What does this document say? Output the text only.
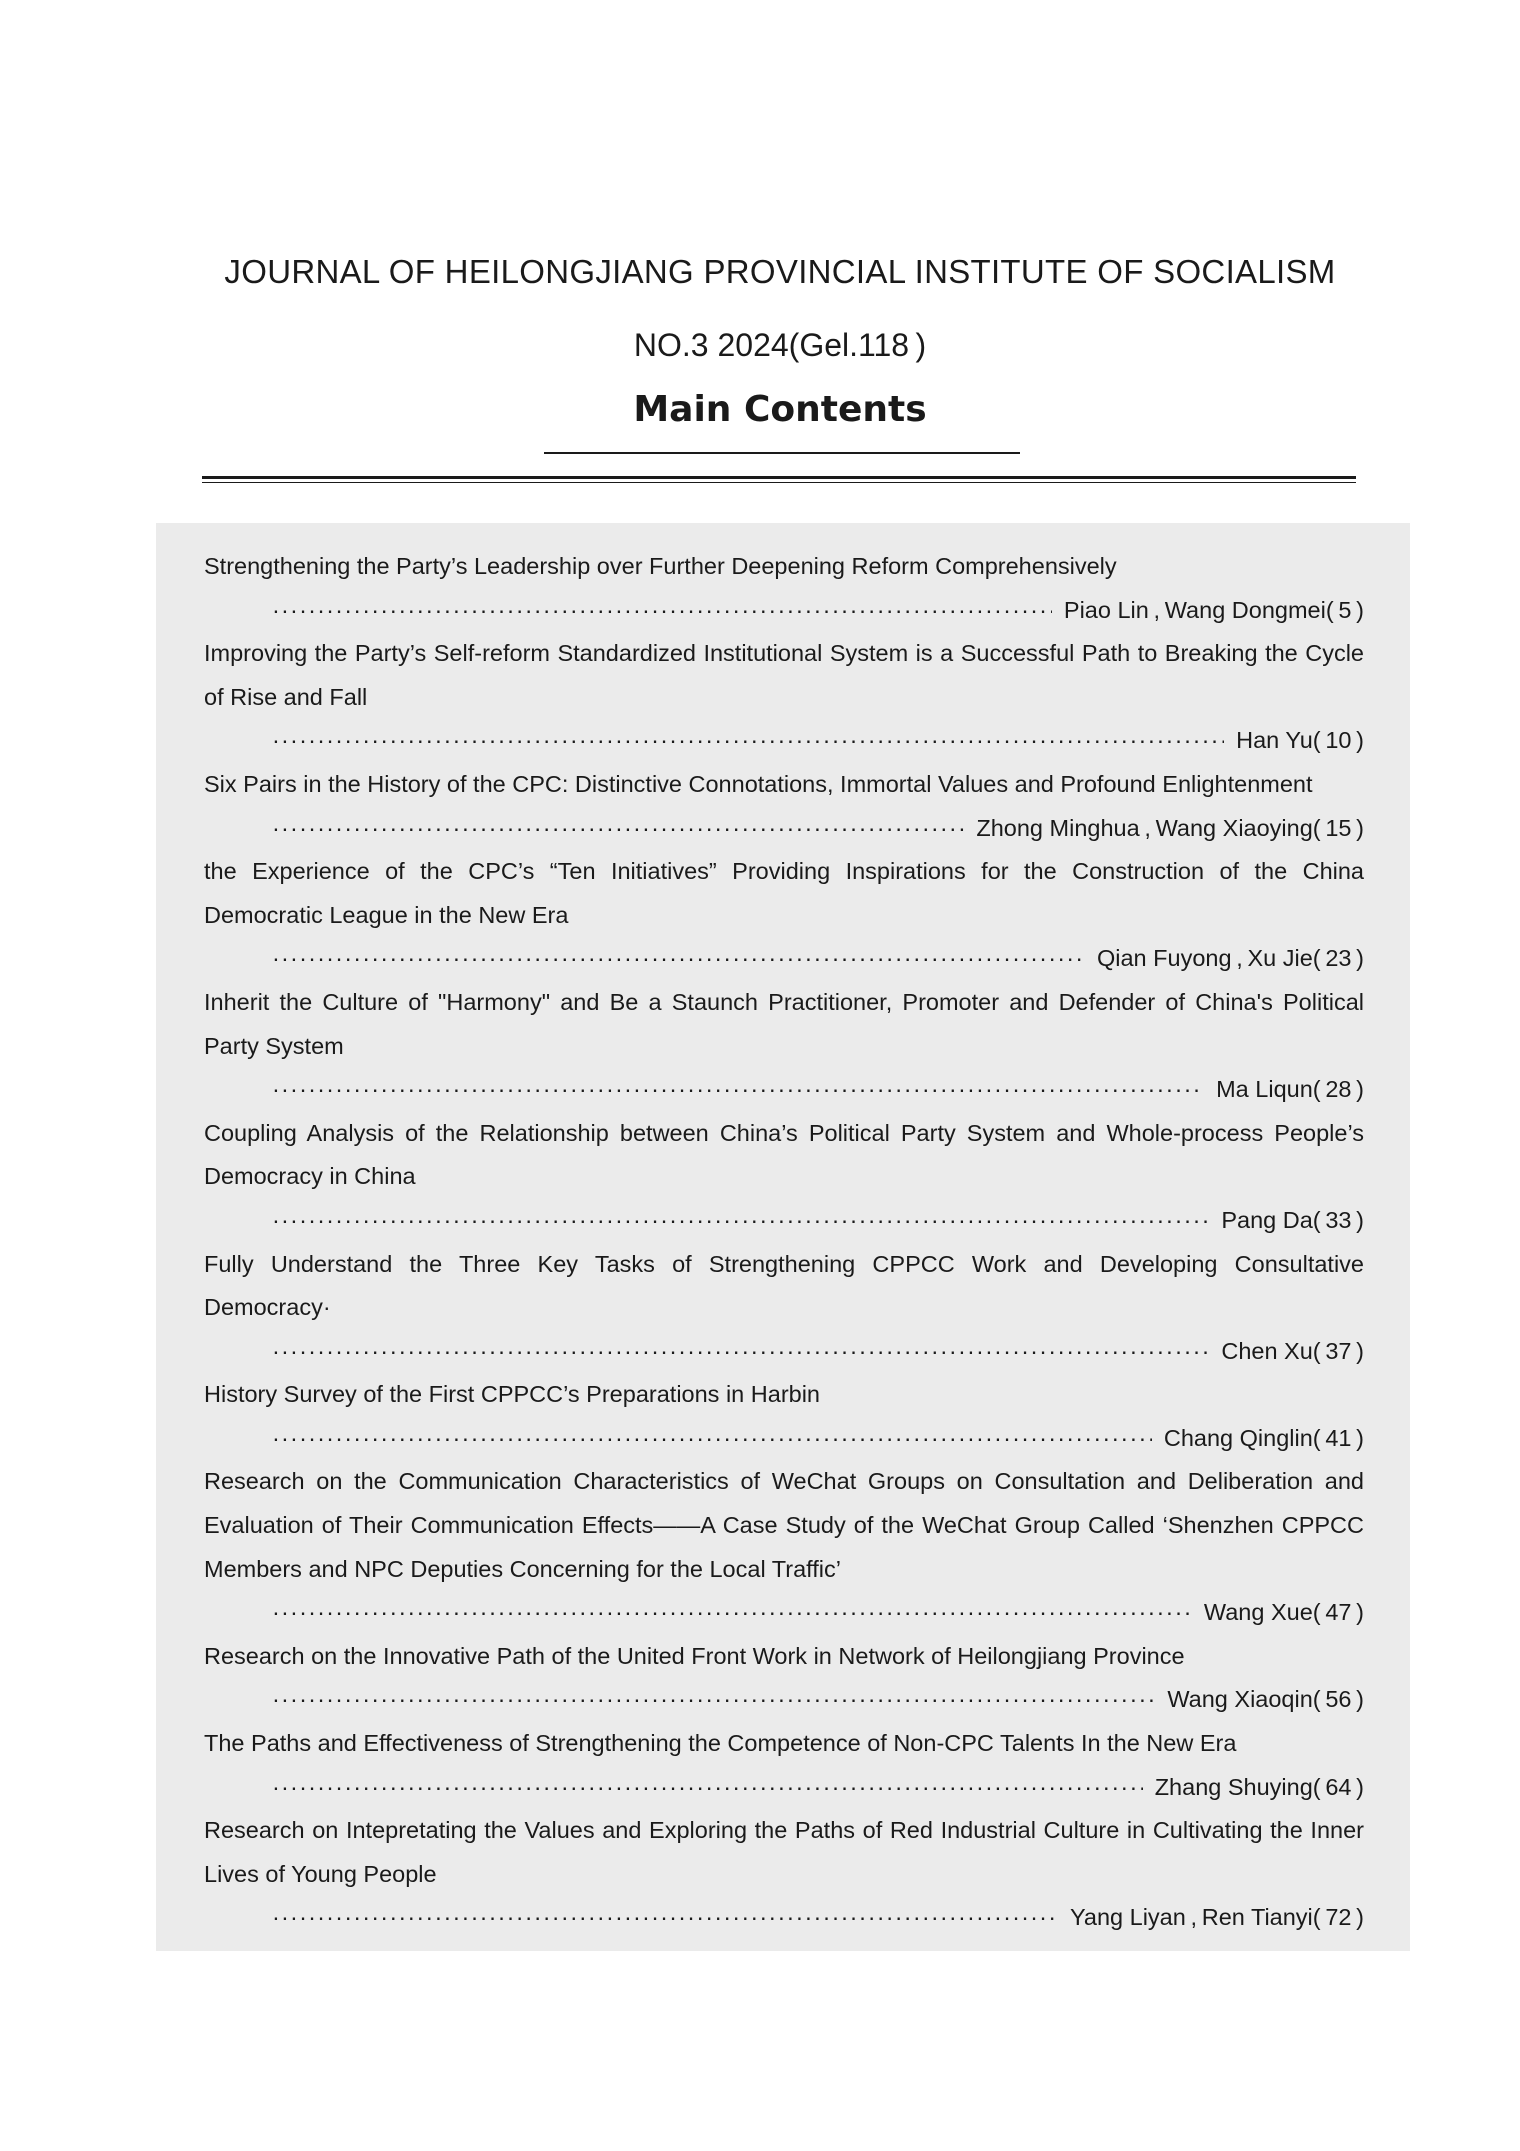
JOURNAL OF HEILONGJIANG PROVINCIAL INSTITUTE OF SOCIALISM
NO.3 2024(Gel.118 )
Main Contents
Strengthening the Party’s Leadership over Further Deepening Reform Comprehensively
·····
Piao Lin , Wang Dongmei ( 5 )
Improving the Party’s Self-reform Standardized Institutional System is a Successful Path to Breaking the Cycle of Rise and Fall
·····
Han Yu ( 10 )
Six Pairs in the History of the CPC: Distinctive Connotations, Immortal Values and Profound Enlightenment
·····
Zhong Minghua , Wang Xiaoying ( 15 )
the Experience of the CPC’s “Ten Initiatives” Providing Inspirations for the Construction of the China Democratic League in the New Era
·····
Qian Fuyong , Xu Jie ( 23 )
Inherit the Culture of "Harmony" and Be a Staunch Practitioner, Promoter and Defender of China's Political Party System
·····
Ma Liqun ( 28 )
Coupling Analysis of the Relationship between China’s Political Party System and Whole-process People’s Democracy in China
·····
Pang Da ( 33 )
Fully Understand the Three Key Tasks of Strengthening CPPCC Work and Developing Consultative Democracy·
·····
Chen Xu ( 37 )
History Survey of the First CPPCC’s Preparations in Harbin
·····
Chang Qinglin ( 41 )
Research on the Communication Characteristics of WeChat Groups on Consultation and Deliberation and Evaluation of Their Communication Effects——A Case Study of the WeChat Group Called ‘Shenzhen CPPCC Members and NPC Deputies Concerning for the Local Traffic’
·····
Wang Xue ( 47 )
Research on the Innovative Path of the United Front Work in Network of Heilongjiang Province
·····
Wang Xiaoqin ( 56 )
The Paths and Effectiveness of Strengthening the Competence of Non-CPC Talents In the New Era
·····
Zhang Shuying ( 64 )
Research on Intepretating the Values and Exploring the Paths of Red Industrial Culture in Cultivating the Inner Lives of Young People
·····
Yang Liyan , Ren Tianyi ( 72 )
